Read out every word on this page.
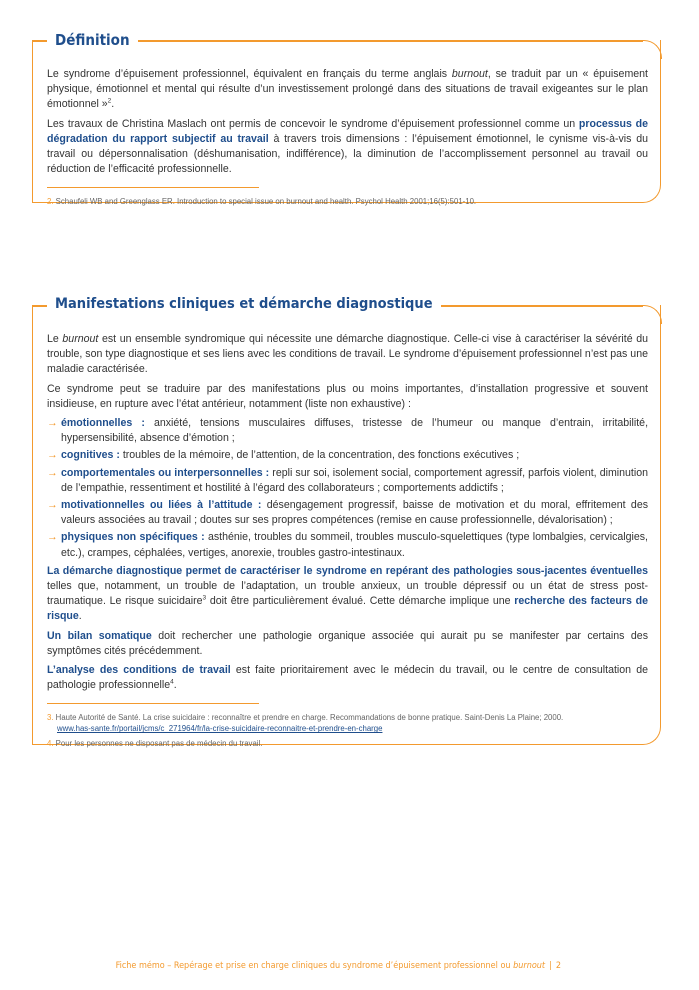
Définition

Le syndrome d’épuisement professionnel, équivalent en français du terme anglais burnout, se traduit par un « épuisement physique, émotionnel et mental qui résulte d’un investissement prolongé dans des situations de travail exigeantes sur le plan émotionnel »$^2$.

Les travaux de Christina Maslach ont permis de concevoir le syndrome d’épuisement professionnel comme un processus de dégradation du rapport subjectif au travail à travers trois dimensions : l’épuisement émotionnel, le cynisme vis-à-vis du travail ou dépersonnalisation (déshumanisation, indifférence), la diminution de l’accomplissement personnel au travail ou réduction de l’efficacité professionnelle.

2. Schaufeli WB and Greenglass ER. Introduction to special issue on burnout and health. Psychol Health 2001;16(5):501-10.

Manifestations cliniques et démarche diagnostique

Le burnout est un ensemble syndromique qui nécessite une démarche diagnostique. Celle-ci vise à caractériser la sévérité du trouble, son type diagnostique et ses liens avec les conditions de travail. Le syndrome d’épuisement professionnel n’est pas une maladie caractérisée.

Ce syndrome peut se traduire par des manifestations plus ou moins importantes, d’installation progressive et souvent insidieuse, en rupture avec l’état antérieur, notamment (liste non exhaustive) :

→ émotionnelles : anxiété, tensions musculaires diffuses, tristesse de l’humeur ou manque d’entrain, irritabilité, hypersensibilité, absence d’émotion ;
→ cognitives : troubles de la mémoire, de l’attention, de la concentration, des fonctions exécutives ;
→ comportementales ou interpersonnelles : repli sur soi, isolement social, comportement agressif, parfois violent, diminution de l’empathie, ressentiment et hostilité à l’égard des collaborateurs ; comportements addictifs ;
→ motivationnelles ou liées à l’attitude : désengagement progressif, baisse de motivation et du moral, effritement des valeurs associées au travail ; doutes sur ses propres compétences (remise en cause professionnelle, dévalorisation) ;
→ physiques non spécifiques : asthénie, troubles du sommeil, troubles musculo-squelettiques (type lombalgies, cervicalgies, etc.), crampes, céphalées, vertiges, anorexie, troubles gastro-intestinaux.

La démarche diagnostique permet de caractériser le syndrome en repérant des pathologies sous-jacentes éventuelles telles que, notamment, un trouble de l’adaptation, un trouble anxieux, un trouble dépressif ou un état de stress post-traumatique. Le risque suicidaire$^3$ doit être particulièrement évalué. Cette démarche implique une recherche des facteurs de risque.

Un bilan somatique doit rechercher une pathologie organique associée qui aurait pu se manifester par certains des symptômes cités précédemment.

L’analyse des conditions de travail est faite prioritairement avec le médecin du travail, ou le centre de consultation de pathologie professionnelle$^4$.

3. Haute Autorité de Santé. La crise suicidaire : reconnaître et prendre en charge. Recommandations de bonne pratique. Saint-Denis La Plaine; 2000.
www.has-sante.fr/portail/jcms/c_271964/fr/la-crise-suicidaire-reconnaitre-et-prendre-en-charge

4. Pour les personnes ne disposant pas de médecin du travail.

Fiche mémo – Repérage et prise en charge cliniques du syndrome d’épuisement professionnel ou burnout | 2
